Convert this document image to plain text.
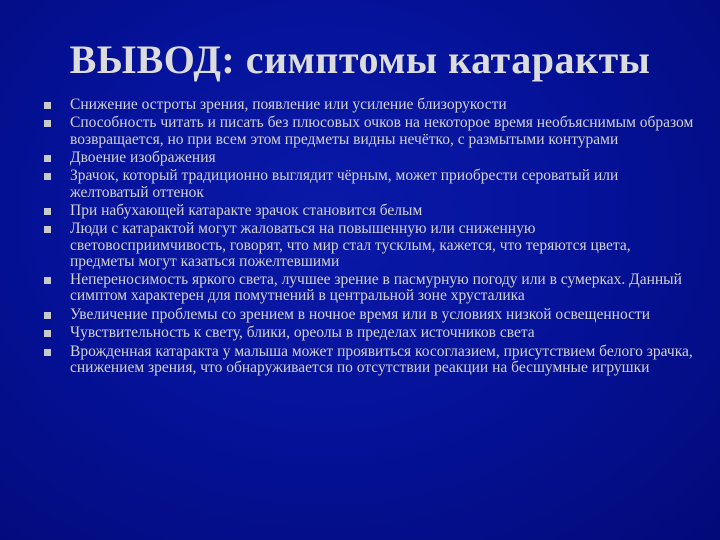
ВЫВОД: симптомы катаракты
Снижение остроты зрения, появление или усиление близорукости
Способность читать и писать без плюсовых очков на некоторое время необъяснимым образом возвращается, но при всем этом предметы видны нечётко, с размытыми контурами
Двоение изображения
Зрачок, который традиционно выглядит чёрным, может приобрести сероватый или желтоватый оттенок
При набухающей катаракте зрачок становится белым
Люди с катарактой могут жаловаться на повышенную или сниженную световосприимчивость, говорят, что мир стал тусклым, кажется, что теряются цвета, предметы могут казаться пожелтевшими
Непереносимость яркого света, лучшее зрение в пасмурную погоду или в сумерках. Данный симптом характерен для помутнений в центральной зоне хрусталика
Увеличение проблемы со зрением в ночное время или в условиях низкой освещенности
Чувствительность к свету, блики, ореолы в пределах источников света
Врожденная катаракта у малыша может проявиться косоглазием, присутствием белого зрачка, снижением зрения, что обнаруживается по отсутствии реакции на бесшумные игрушки
